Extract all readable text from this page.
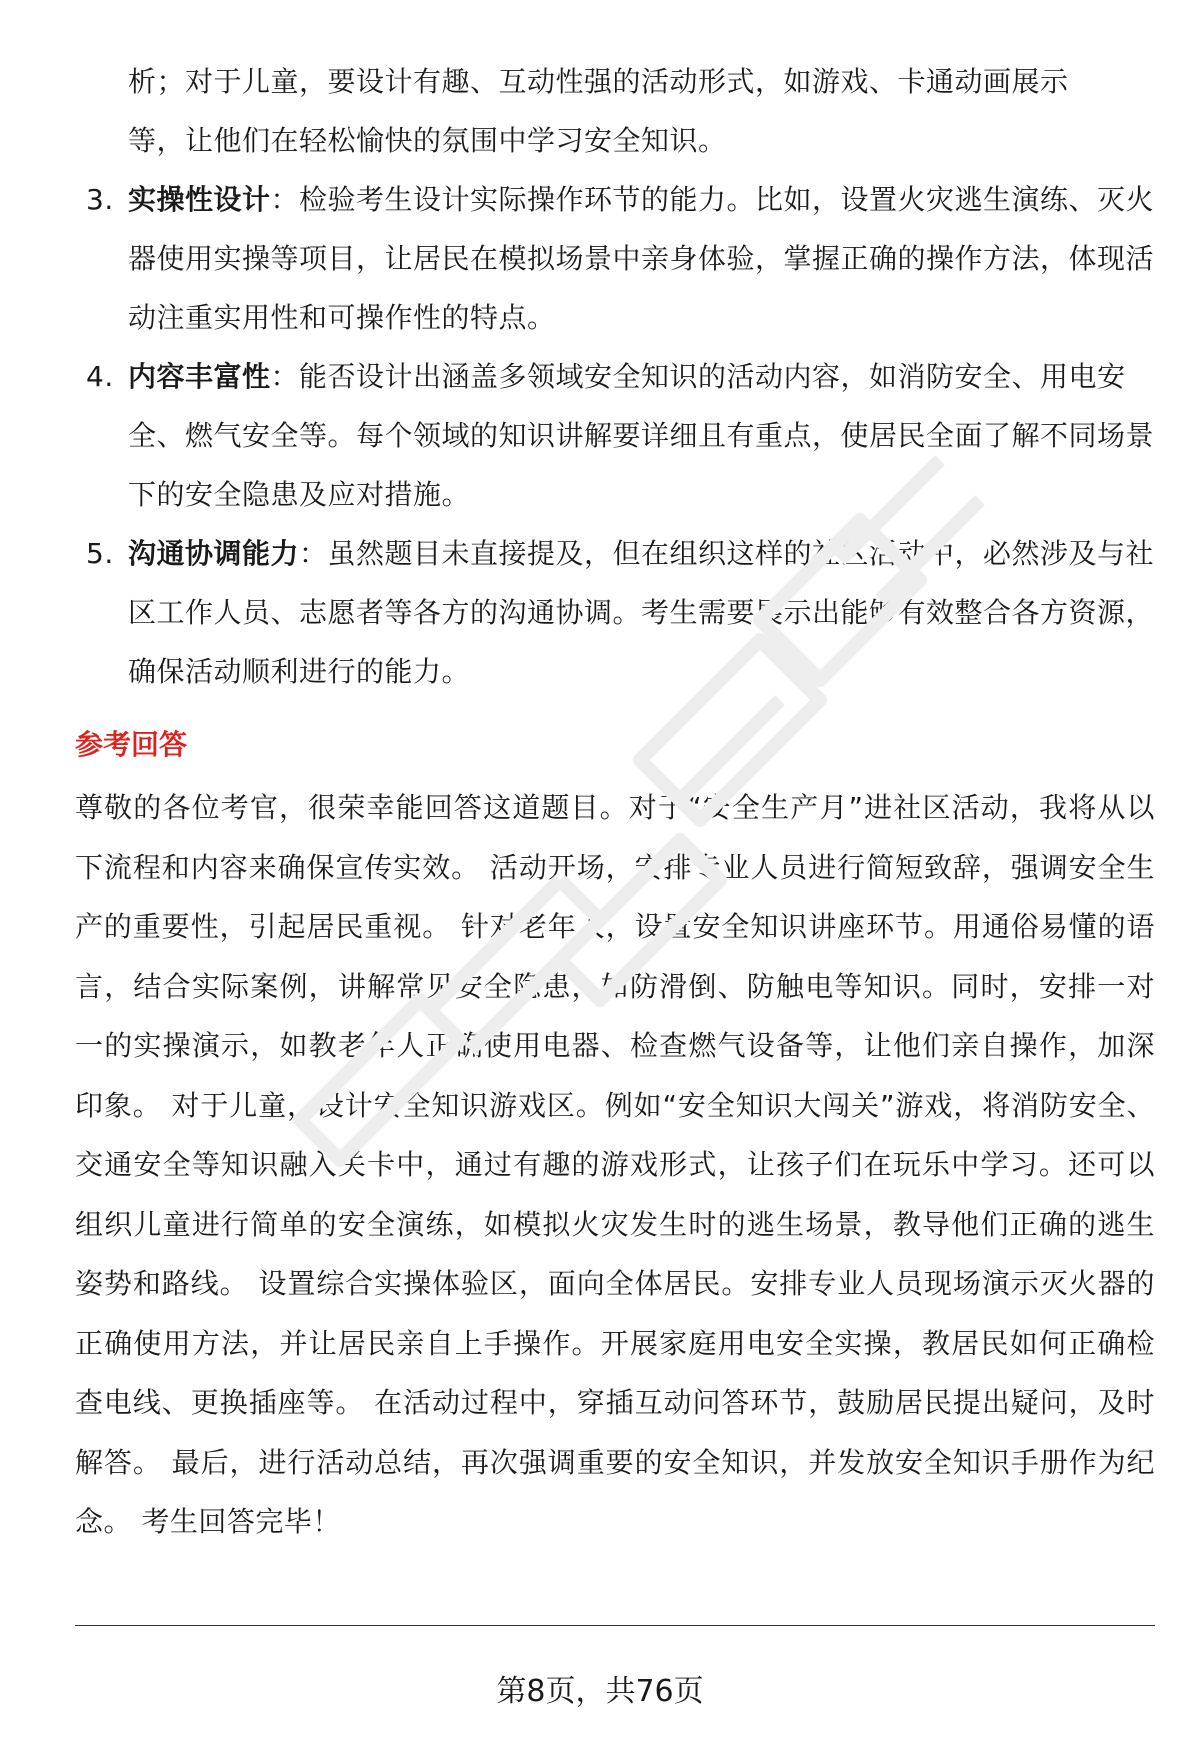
析；对于儿童，要设计有趣、互动性强的活动形式，如游戏、卡通动画展示
等，让他们在轻松愉快的氛围中学习安全知识。
3. 实操性设计：检验考生设计实际操作环节的能力。比如，设置火灾逃生演练、灭火器使用实操等项目，让居民在模拟场景中亲身体验，掌握正确的操作方法，体现活动注重实用性和可操作性的特点。
4. 内容丰富性：能否设计出涵盖多领域安全知识的活动内容，如消防安全、用电安全、燃气安全等。每个领域的知识讲解要详细且有重点，使居民全面了解不同场景下的安全隐患及应对措施。
5. 沟通协调能力：虽然题目未直接提及，但在组织这样的社区活动中，必然涉及与社区工作人员、志愿者等各方的沟通协调。考生需要展示出能够有效整合各方资源，确保活动顺利进行的能力。
参考回答
尊敬的各位考官，很荣幸能回答这道题目。对于“安全生产月”进社区活动，我将从以下流程和内容来确保宣传实效。 活动开场，安排专业人员进行简短致辞，强调安全生产的重要性，引起居民重视。 针对老年人，设置安全知识讲座环节。用通俗易懂的语言，结合实际案例，讲解常见安全隐患，如防滑倒、防触电等知识。同时，安排一对一的实操演示，如教老年人正确使用电器、检查燃气设备等，让他们亲自操作，加深印象。 对于儿童，设计安全知识游戏区。例如“安全知识大闯关”游戏，将消防安全、交通安全等知识融入关卡中，通过有趣的游戏形式，让孩子们在玩乐中学习。还可以组织儿童进行简单的安全演练，如模拟火灾发生时的逃生场景，教导他们正确的逃生姿势和路线。 设置综合实操体验区，面向全体居民。安排专业人员现场演示灭火器的正确使用方法，并让居民亲自上手操作。开展家庭用电安全实操，教居民如何正确检查电线、更换插座等。 在活动过程中，穿插互动问答环节，鼓励居民提出疑问，及时解答。 最后，进行活动总结，再次强调重要的安全知识，并发放安全知识手册作为纪念。 考生回答完毕！
第8页，共76页
